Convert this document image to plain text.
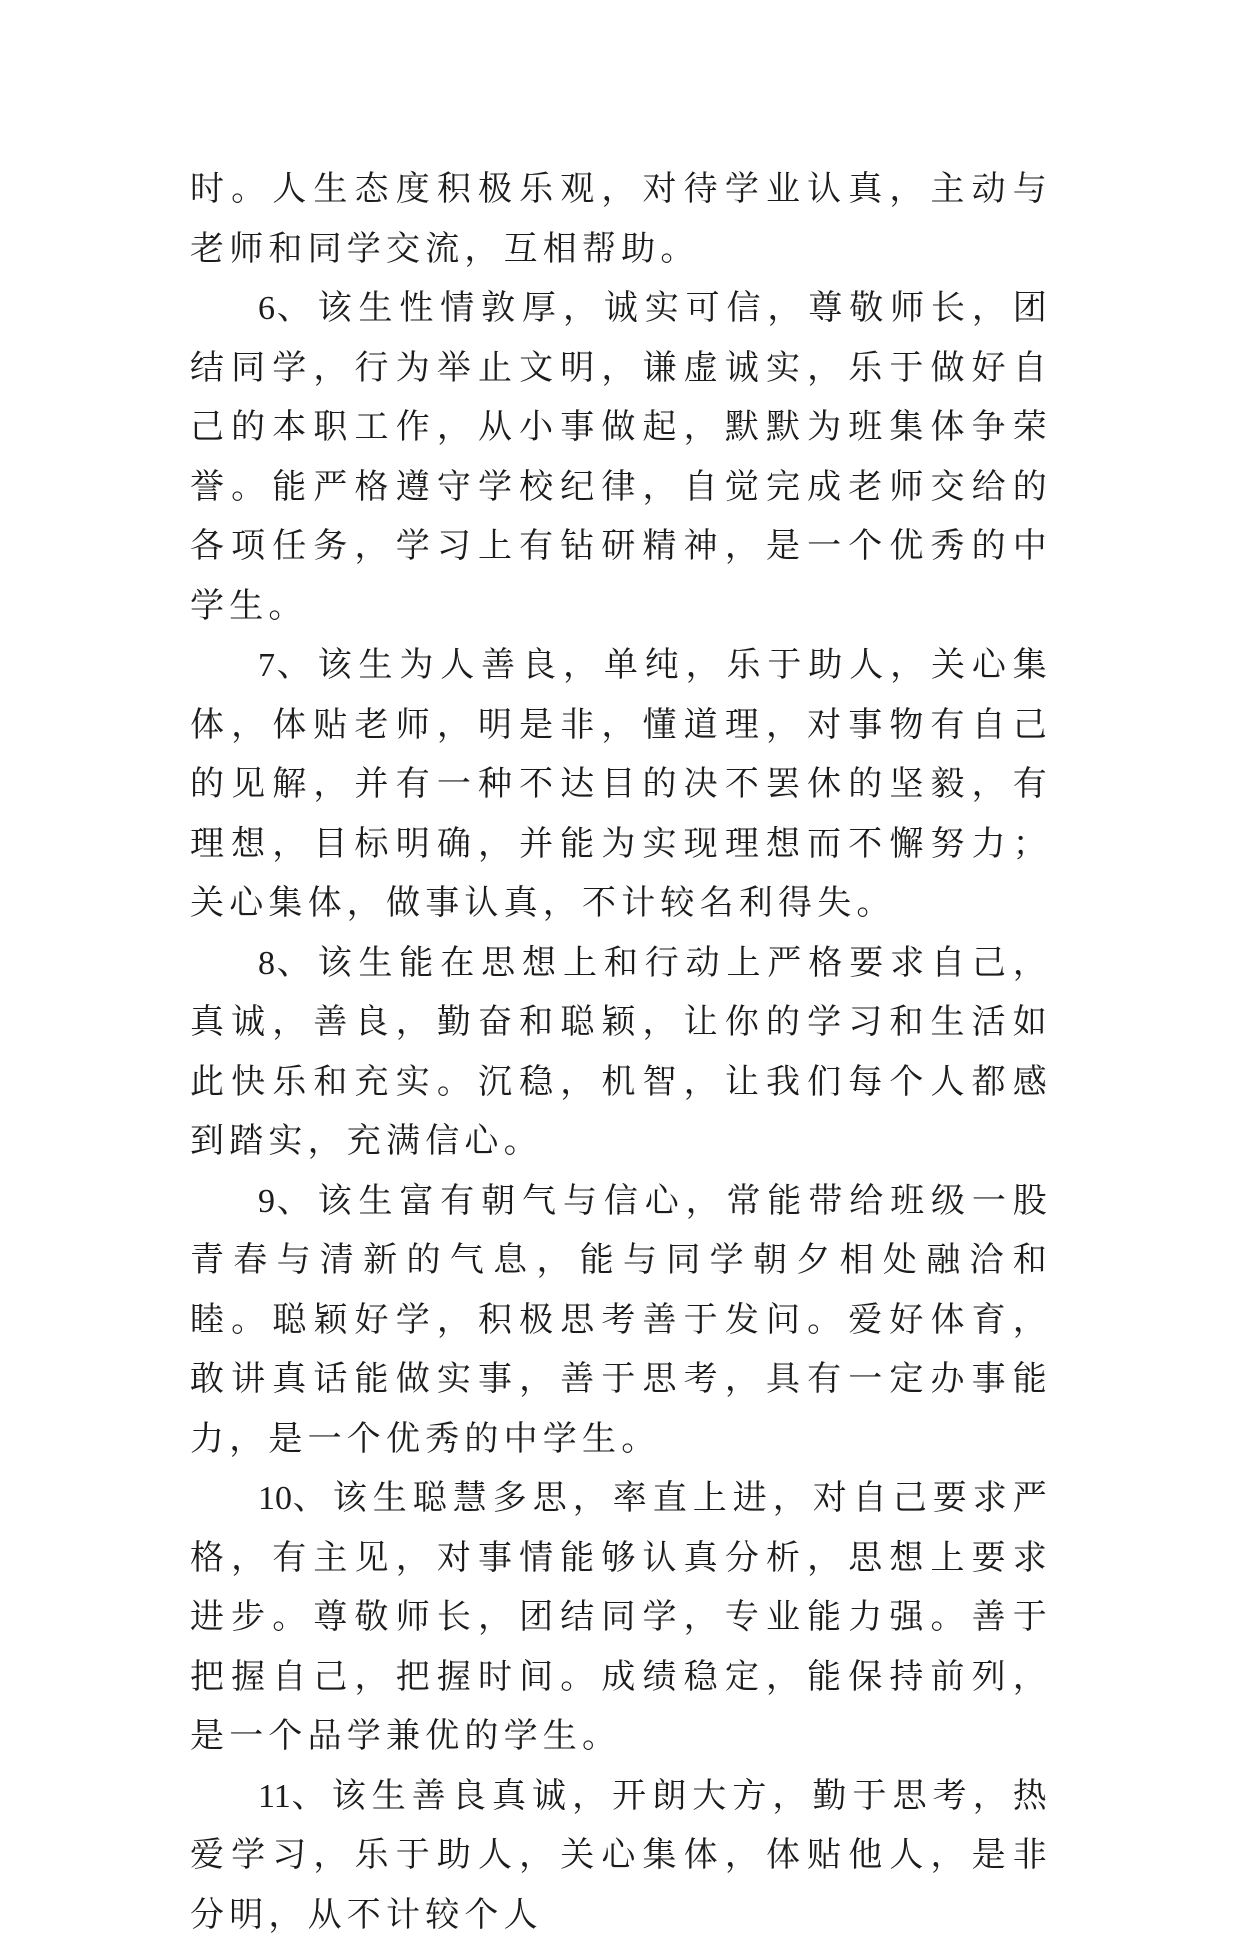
时。人生态度积极乐观，对待学业认真，主动与老师和同学交流，互相帮助。

6、该生性情敦厚，诚实可信，尊敬师长，团结同学，行为举止文明，谦虚诚实，乐于做好自己的本职工作，从小事做起，默默为班集体争荣誉。能严格遵守学校纪律，自觉完成老师交给的各项任务，学习上有钻研精神，是一个优秀的中学生。

7、该生为人善良，单纯，乐于助人，关心集体，体贴老师，明是非，懂道理，对事物有自己的见解，并有一种不达目的决不罢休的坚毅，有理想，目标明确，并能为实现理想而不懈努力；关心集体，做事认真，不计较名利得失。

8、该生能在思想上和行动上严格要求自己，真诚，善良，勤奋和聪颖，让你的学习和生活如此快乐和充实。沉稳，机智，让我们每个人都感到踏实，充满信心。

9、该生富有朝气与信心，常能带给班级一股青春与清新的气息，能与同学朝夕相处融洽和睦。聪颖好学，积极思考善于发问。爱好体育，敢讲真话能做实事，善于思考，具有一定办事能力，是一个优秀的中学生。

10、该生聪慧多思，率直上进，对自己要求严格，有主见，对事情能够认真分析，思想上要求进步。尊敬师长，团结同学，专业能力强。善于把握自己，把握时间。成绩稳定，能保持前列，是一个品学兼优的学生。

11、该生善良真诚，开朗大方，勤于思考，热爱学习，乐于助人，关心集体，体贴他人，是非分明，从不计较个人
